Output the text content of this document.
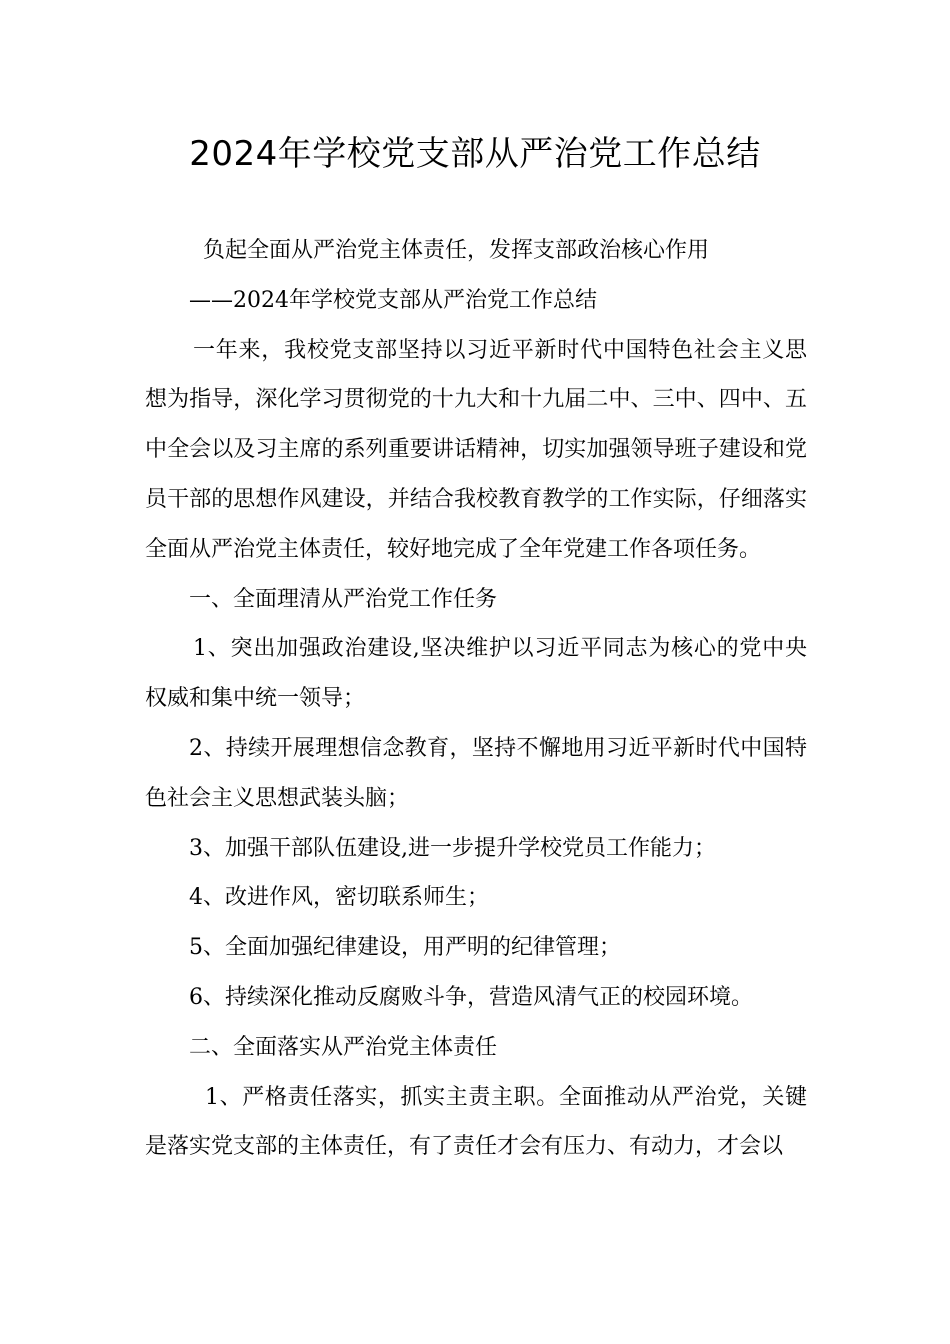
2024年学校党支部从严治党工作总结

负起全面从严治党主体责任，发挥支部政治核心作用

——2024年学校党支部从严治党工作总结

一年来，我校党支部坚持以习近平新时代中国特色社会主义思想为指导，深化学习贯彻党的十九大和十九届二中、三中、四中、五中全会以及习主席的系列重要讲话精神，切实加强领导班子建设和党员干部的思想作风建设，并结合我校教育教学的工作实际，仔细落实全面从严治党主体责任，较好地完成了全年党建工作各项任务。

一、全面理清从严治党工作任务

1、突出加强政治建设,坚决维护以习近平同志为核心的党中央权威和集中统一领导；

2、持续开展理想信念教育，坚持不懈地用习近平新时代中国特色社会主义思想武装头脑；

3、加强干部队伍建设,进一步提升学校党员工作能力；

4、改进作风，密切联系师生；

5、全面加强纪律建设，用严明的纪律管理；

6、持续深化推动反腐败斗争，营造风清气正的校园环境。

二、全面落实从严治党主体责任

1、严格责任落实，抓实主责主职。全面推动从严治党，关键是落实党支部的主体责任，有了责任才会有压力、有动力，才会以
